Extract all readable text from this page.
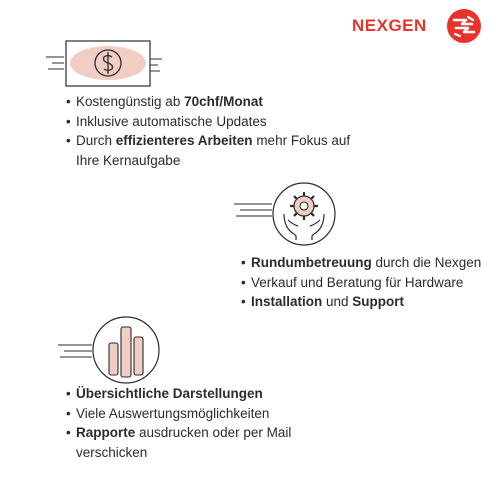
NEXGEN
• Kostengünstig ab 70chf/Monat
• Inklusive automatische Updates
• Durch effizienteres Arbeiten mehr Fokus auf Ihre Kernaufgabe
• Rundumbetreuung durch die Nexgen
• Verkauf und Beratung für Hardware
• Installation und Support
• Übersichtliche Darstellungen
• Viele Auswertungsmöglichkeiten
• Rapporte ausdrucken oder per Mail verschicken
